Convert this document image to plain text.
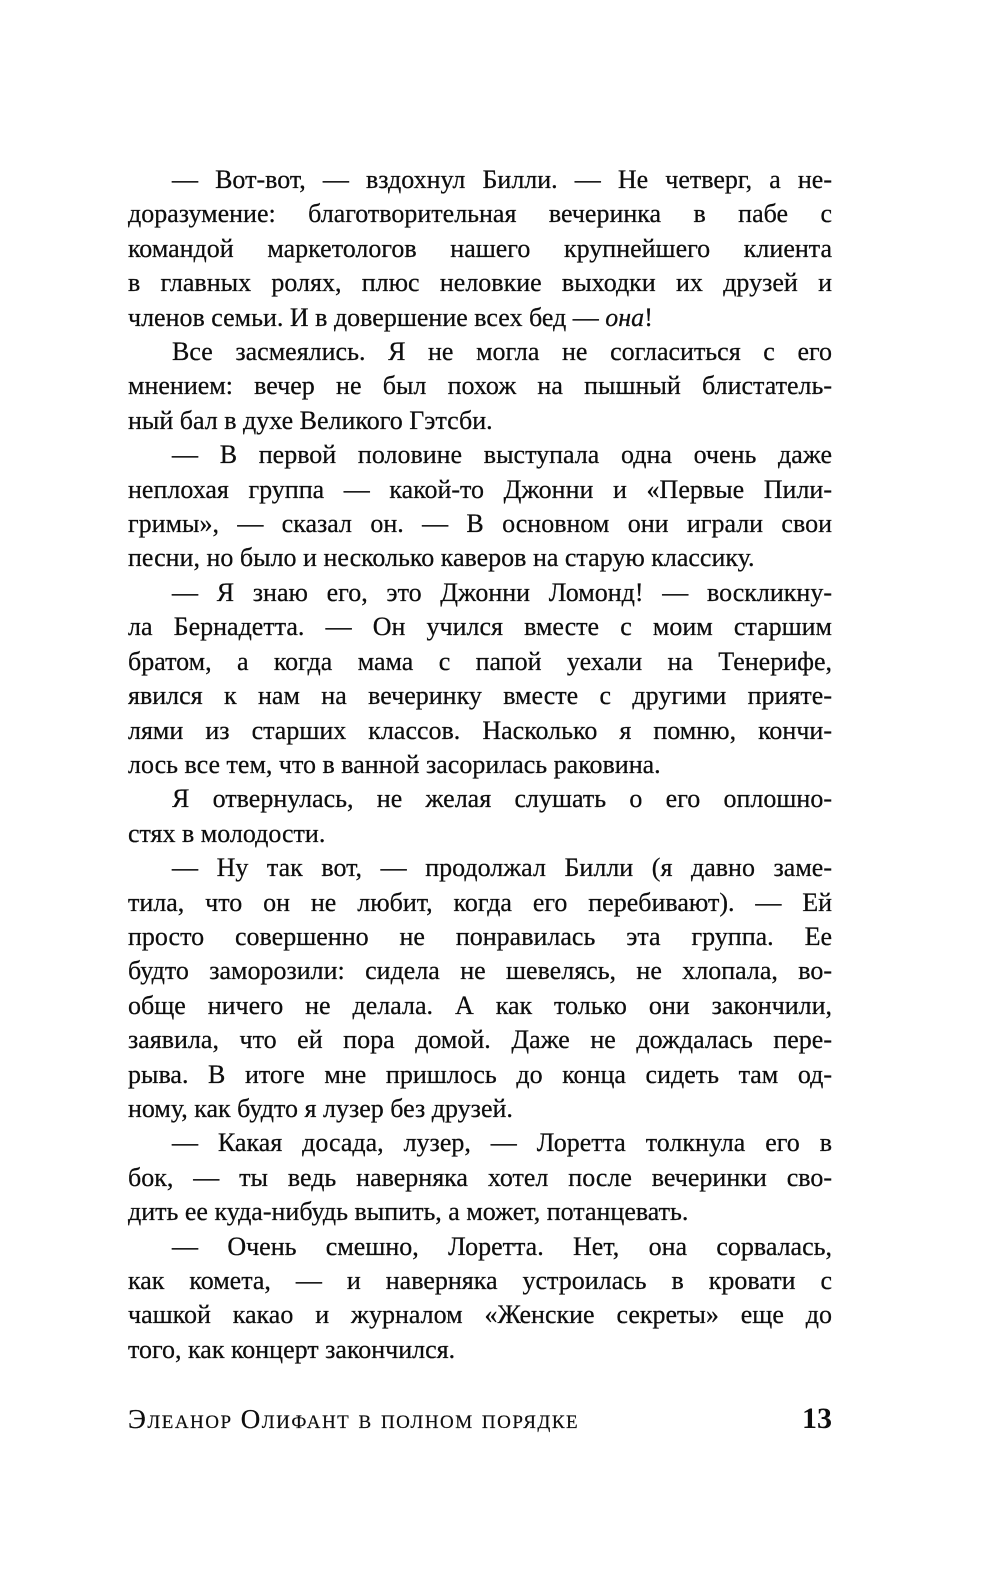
— Вот-вот, — вздохнул Билли. — Не четверг, а не-
доразумение: благотворительная вечеринка в пабе с
командой маркетологов нашего крупнейшего клиента
в главных ролях, плюс неловкие выходки их друзей и
членов семьи. И в довершение всех бед — она!
Все засмеялись. Я не могла не согласиться с его
мнением: вечер не был похож на пышный блистатель-
ный бал в духе Великого Гэтсби.
— В первой половине выступала одна очень даже
неплохая группа — какой-то Джонни и «Первые Пили-
гримы», — сказал он. — В основном они играли свои
песни, но было и несколько каверов на старую классику.
— Я знаю его, это Джонни Ломонд! — воскликну-
ла Бернадетта. — Он учился вместе с моим старшим
братом, а когда мама с папой уехали на Тенерифе,
явился к нам на вечеринку вместе с другими прияте-
лями из старших классов. Насколько я помню, кончи-
лось все тем, что в ванной засорилась раковина.
Я отвернулась, не желая слушать о его оплошно-
стях в молодости.
— Ну так вот, — продолжал Билли (я давно заме-
тила, что он не любит, когда его перебивают). — Ей
просто совершенно не понравилась эта группа. Ее
будто заморозили: сидела не шевелясь, не хлопала, во-
обще ничего не делала. А как только они закончили,
заявила, что ей пора домой. Даже не дождалась пере-
рыва. В итоге мне пришлось до конца сидеть там од-
ному, как будто я лузер без друзей.
— Какая досада, лузер, — Лоретта толкнула его в
бок, — ты ведь наверняка хотел после вечеринки сво-
дить ее куда-нибудь выпить, а может, потанцевать.
— Очень смешно, Лоретта. Нет, она сорвалась,
как комета, — и наверняка устроилась в кровати с
чашкой какао и журналом «Женские секреты» еще до
того, как концерт закончился.
Элеанор Олифант в полном порядке	13
